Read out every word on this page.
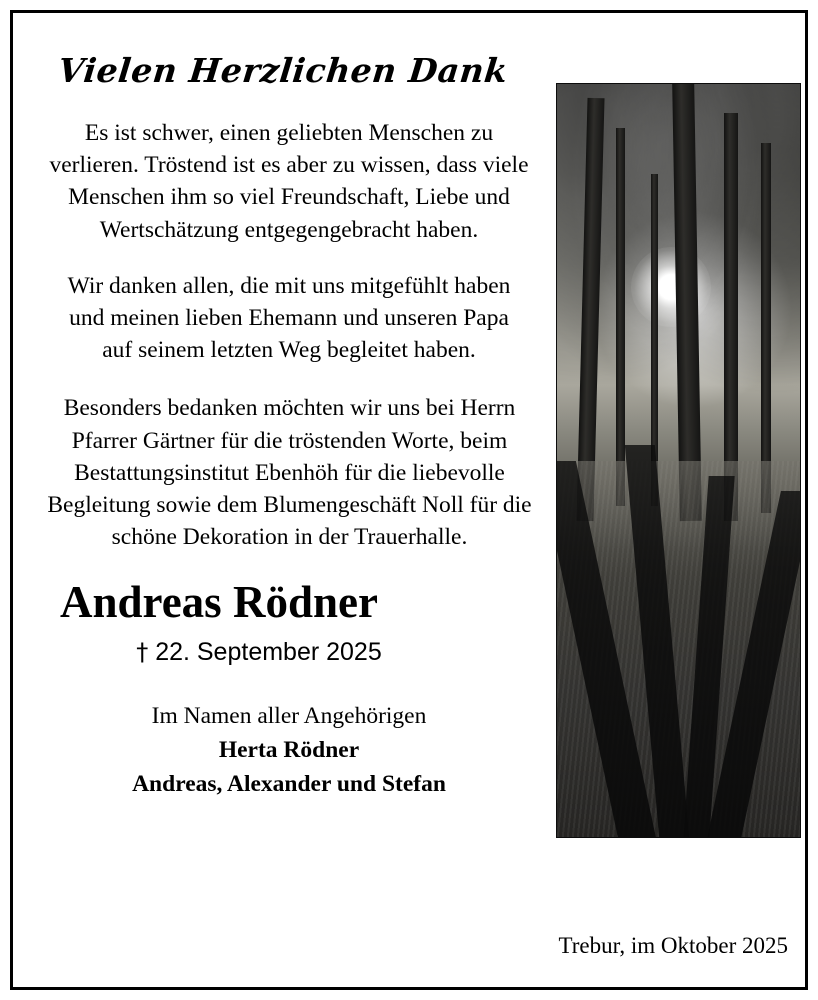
Vielen Herzlichen Dank

Es ist schwer, einen geliebten Menschen zu verlieren. Tröstend ist es aber zu wissen, dass viele Menschen ihm so viel Freundschaft, Liebe und Wertschätzung entgegengebracht haben.

Wir danken allen, die mit uns mitgefühlt haben und meinen lieben Ehemann und unseren Papa auf seinem letzten Weg begleitet haben.

Besonders bedanken möchten wir uns bei Herrn Pfarrer Gärtner für die tröstenden Worte, beim Bestattungsinstitut Ebenhöh für die liebevolle Begleitung sowie dem Blumengeschäft Noll für die schöne Dekoration in der Trauerhalle.

Andreas Rödner
† 22. September 2025
Im Namen aller Angehörigen
Herta Rödner
Andreas, Alexander und Stefan
Trebur, im Oktober 2025
